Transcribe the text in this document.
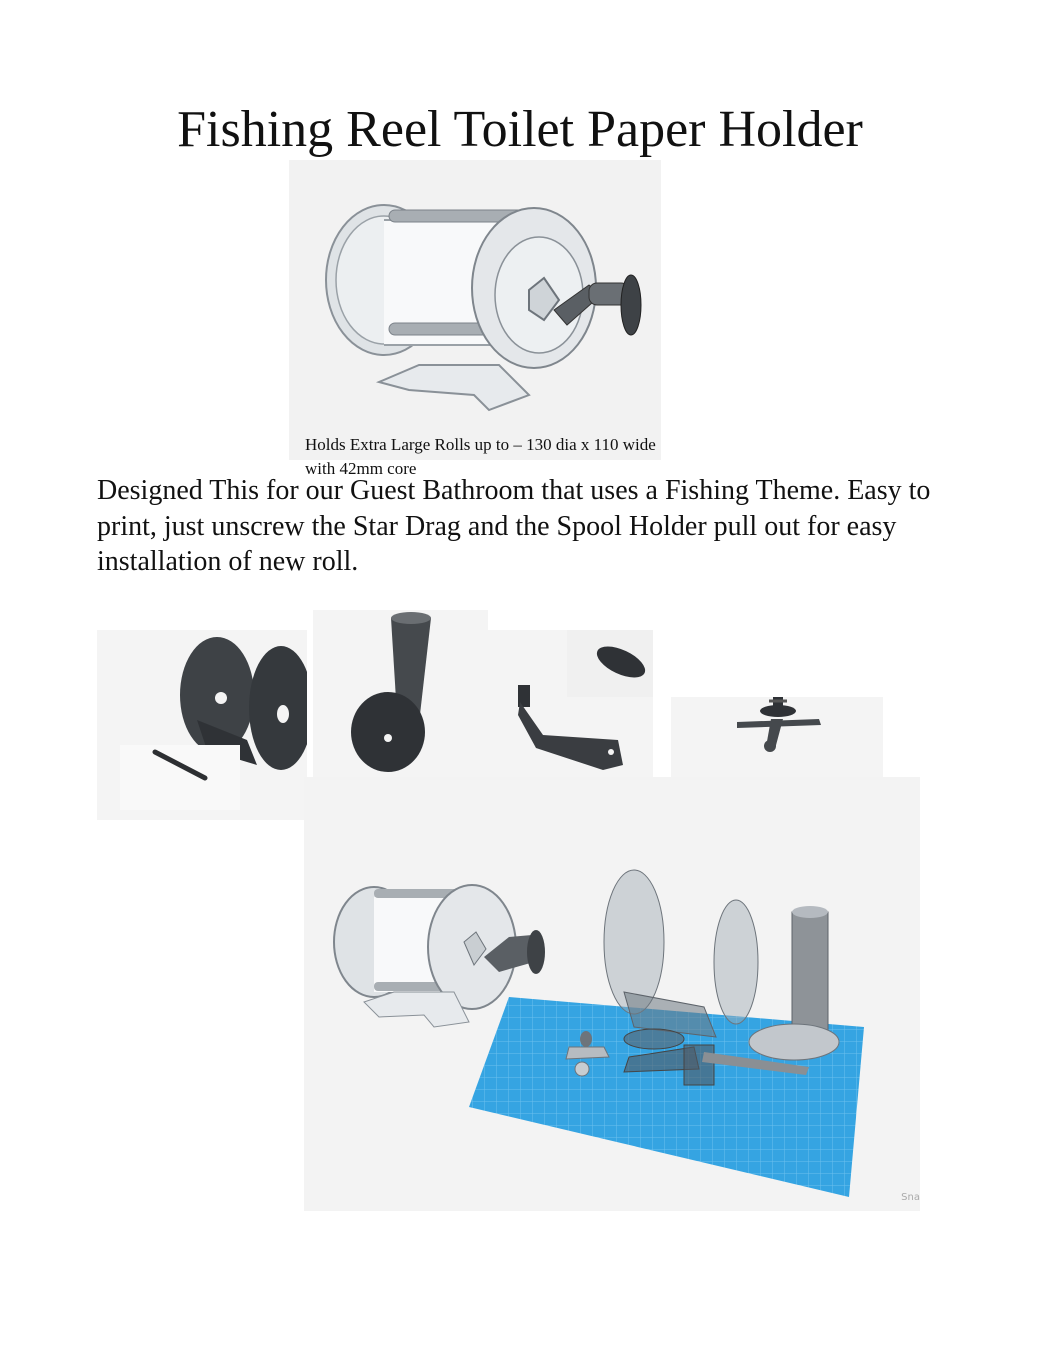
Fishing Reel Toilet Paper Holder
Holds Extra Large Rolls up to – 130 dia x 110 wide with 42mm core

Designed This for our Guest Bathroom that uses a Fishing Theme. Easy to print, just unscrew the Star Drag and the Spool Holder pull out for easy installation of new roll.

Sna
